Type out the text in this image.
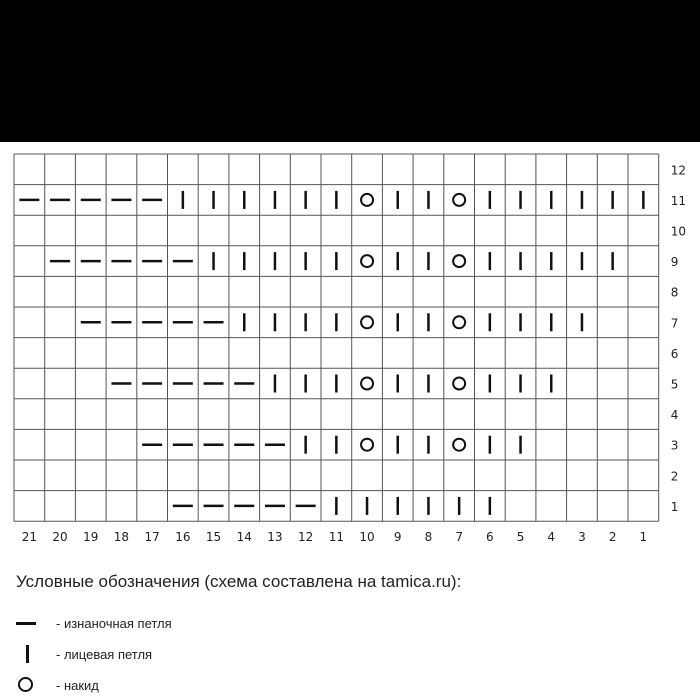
12
11
10
9
8
7
6
5
4
3
2
1
21 20 19 18 17 16 15 14 13 12 11 10 9 8 7 6 5 4 3 2 1
Условные обозначения (схема составлена на tamica.ru):
- изнаночная петля
- лицевая петля
- накид
